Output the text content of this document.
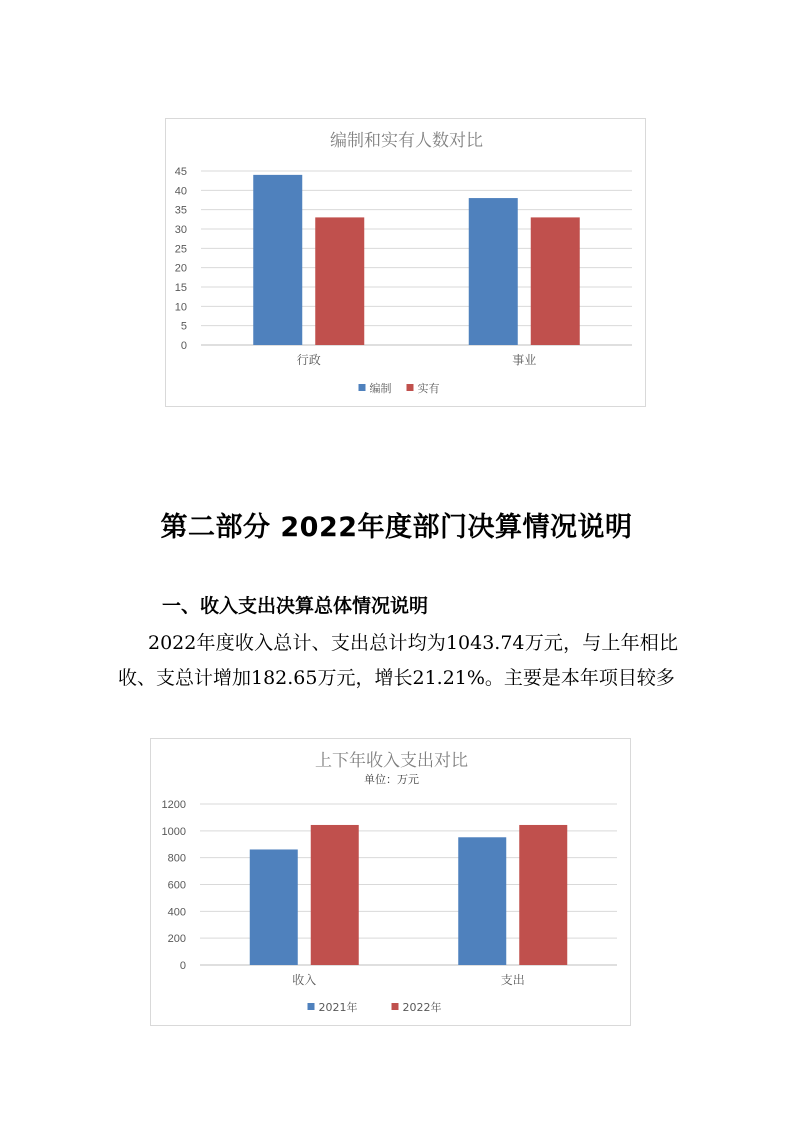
编制和实有人数对比
0
5
10
15
20
25
30
35
40
45
行政	事业
编制 实有
第二部分 2022年度部门决算情况说明
一、收入支出决算总体情况说明
2022年度收入总计、支出总计均为1043.74万元，与上年相比收、支总计增加182.65万元，增长21.21%。主要是本年项目较多
上下年收入支出对比
单位：万元
0
200
400
600
800
1000
1200
收入	支出
2021年	2022年
